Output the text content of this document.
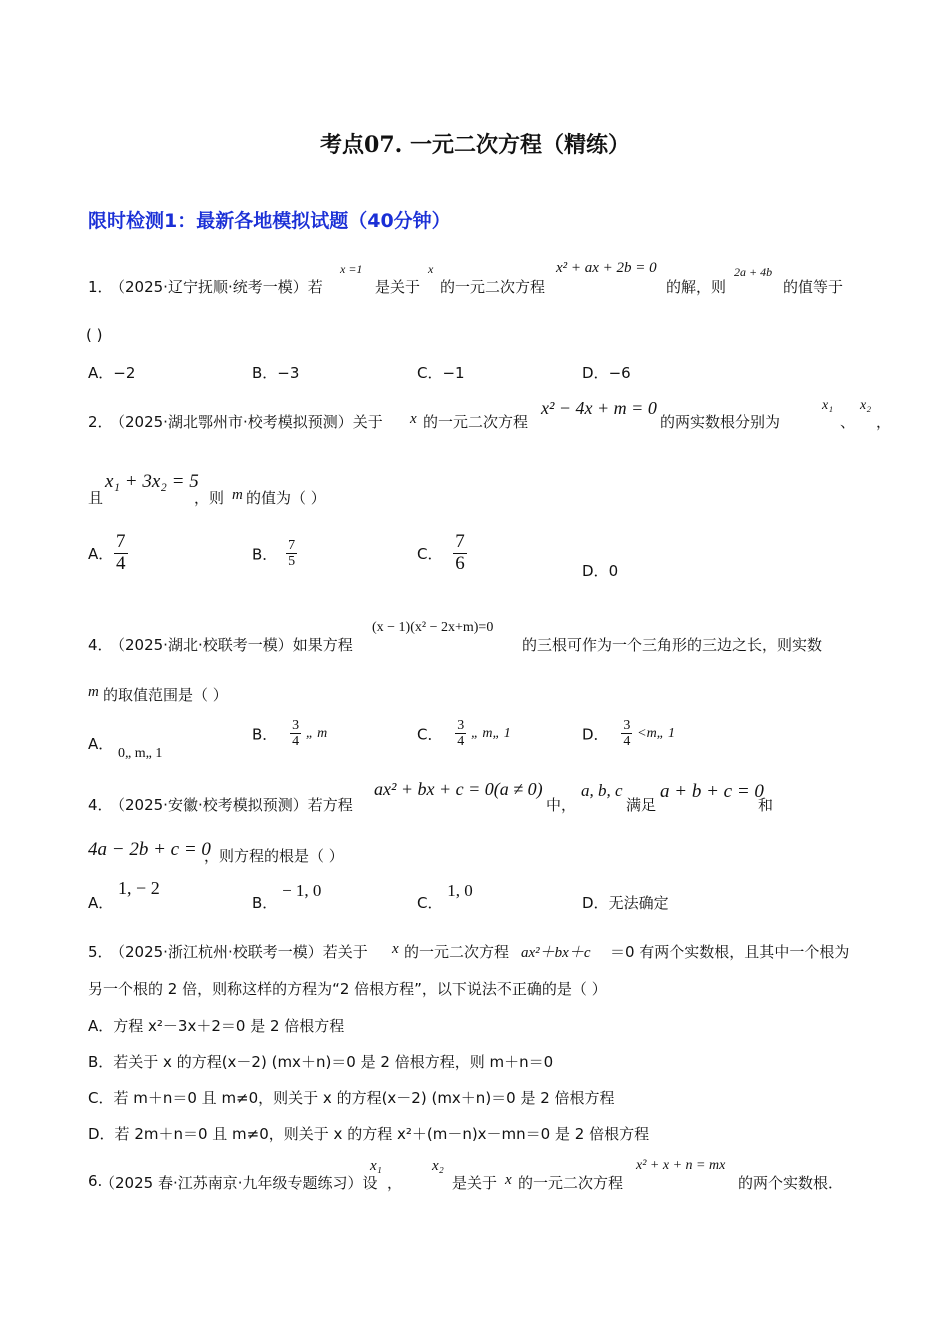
考点07. 一元二次方程（精练）
限时检测1：最新各地模拟试题（40分钟）
1．
（2025·辽宁抚顺·统考一模）若
x =1
是关于
x
的一元二次方程
x² + ax + 2b = 0
的解，则
2a + 4b
的值等于
( )
A．−2	B．−3	C．−1	D．−6
2．
（2025·湖北鄂州市·校考模拟预测）关于 x 的一元二次方程
x² − 4x + m = 0
的两实数根分别为
x₁
、
x₂
，
且
x₁ + 3x₂ = 5
，则 m 的值为（ ）
A． $\frac{7}{4}$	B． $\frac{7}{5}$	C． $\frac{7}{6}$	D．0
4．
（2025·湖北·校联考一模）如果方程
(x − 1)(x² − 2x+m)=0
的三根可作为一个三角形的三边之长，则实数
m 的取值范围是（ ）
A． 0„ m„ 1
B． $\frac{3}{4}$ „ m	C． $\frac{3}{4}$ „ m„ 1	D． $\frac{3}{4}$ <m„ 1
4．
（2025·安徽·校考模拟预测）若方程
ax² + bx + c = 0(a ≠ 0)
中，
a, b, c
满足
a + b + c = 0
和
4a − 2b + c = 0
，则方程的根是（ ）
A． 1, − 2
B． − 1, 0
C． 1, 0
D．无法确定
5．
（2025·浙江杭州·校联考一模）若关于 x 的一元二次方程 ax²＋bx＋c ＝0 有两个实数根，且其中一个根为
另一个根的 2 倍，则称这样的方程为“2 倍根方程”，以下说法不正确的是（ ）
A．方程 x²－3x＋2＝0 是 2 倍根方程
B．若关于 x 的方程(x－2) (mx＋n)＝0 是 2 倍根方程，则 m＋n＝0
C．若 m＋n＝0 且 m≠0，则关于 x 的方程(x－2) (mx＋n)＝0 是 2 倍根方程
D．若 2m＋n＝0 且 m≠0，则关于 x 的方程 x²＋(m－n)x－mn＝0 是 2 倍根方程
6.
（2025 春·江苏南京·九年级专题练习）设
x₁
，
x₂
是关于 x 的一元二次方程
x² + x + n = mx
的两个实数根．
